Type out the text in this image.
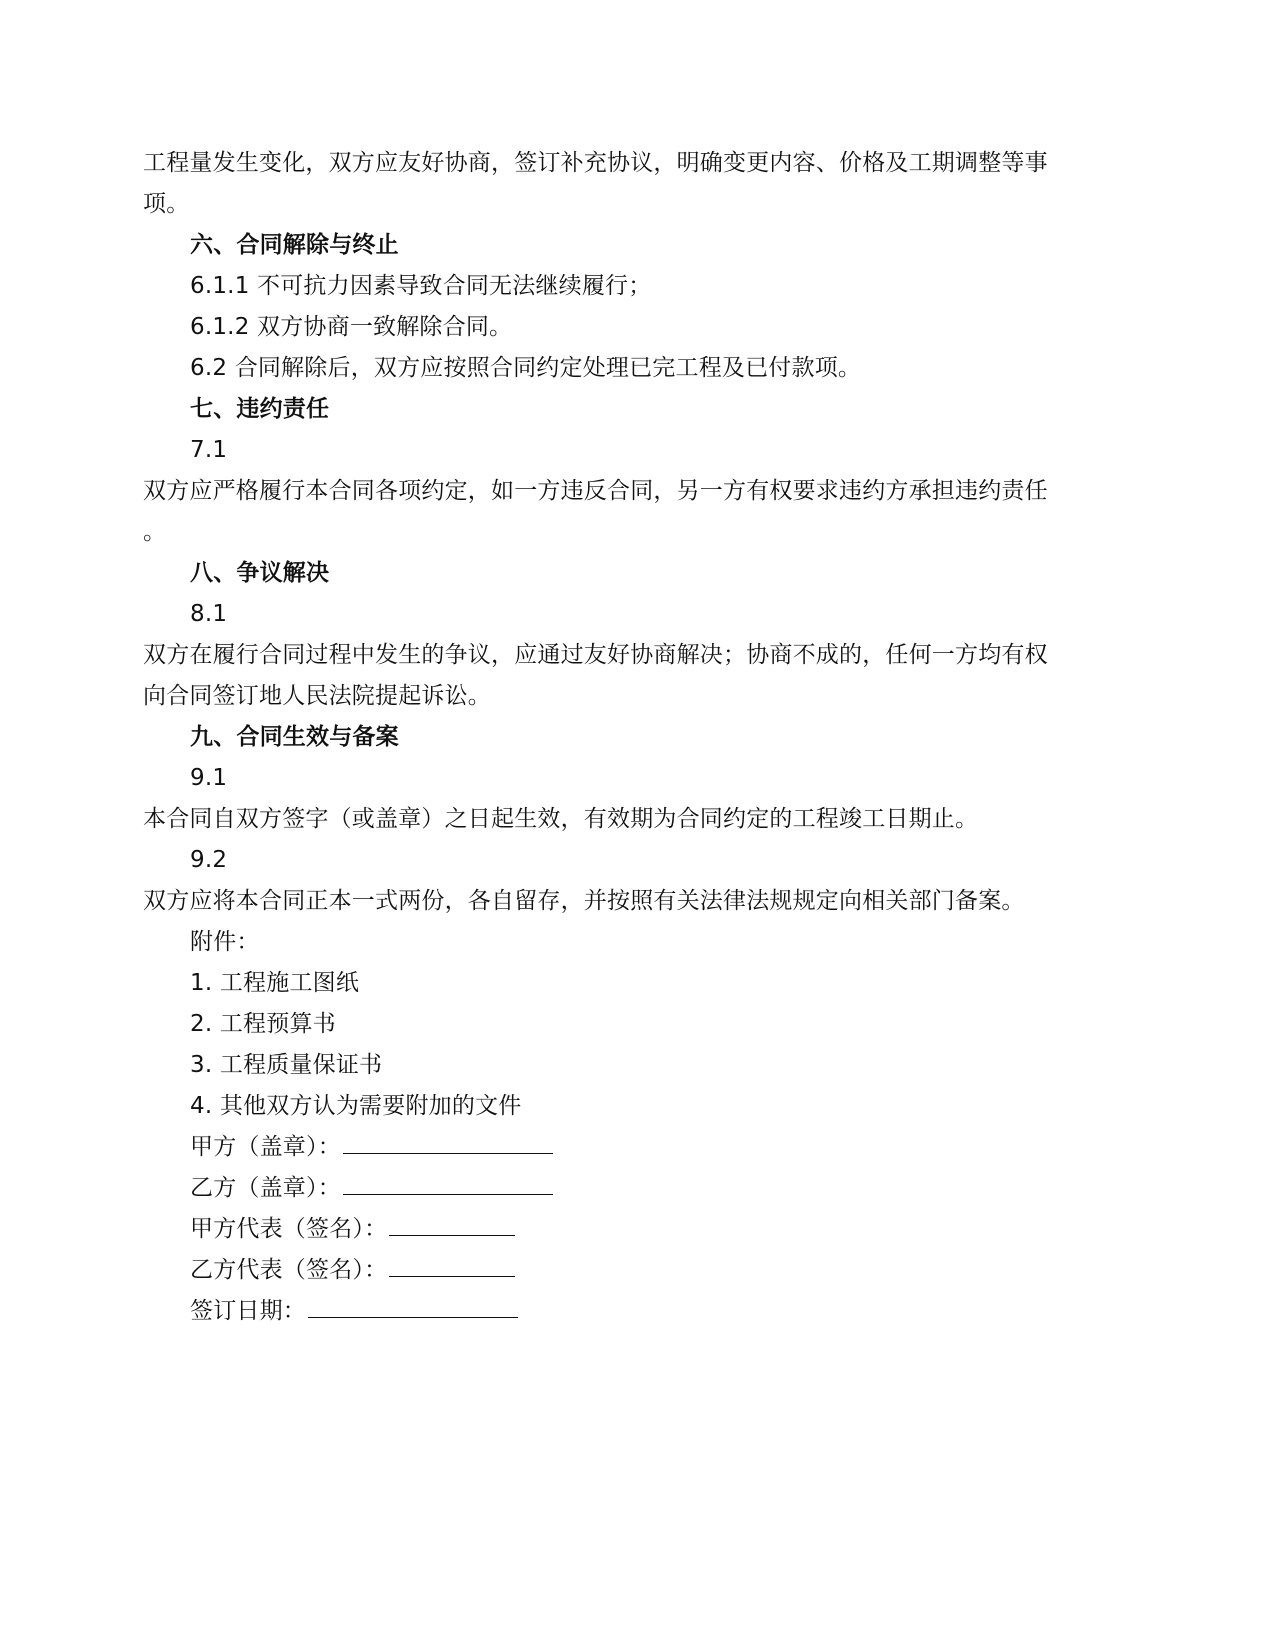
工程量发生变化，双方应友好协商，签订补充协议，明确变更内容、价格及工期调整等事
项。
六、合同解除与终止
6.1.1 不可抗力因素导致合同无法继续履行；
6.1.2 双方协商一致解除合同。
6.2 合同解除后，双方应按照合同约定处理已完工程及已付款项。
七、违约责任
7.1
双方应严格履行本合同各项约定，如一方违反合同，另一方有权要求违约方承担违约责任
。
八、争议解决
8.1
双方在履行合同过程中发生的争议，应通过友好协商解决；协商不成的，任何一方均有权
向合同签订地人民法院提起诉讼。
九、合同生效与备案
9.1
本合同自双方签字（或盖章）之日起生效，有效期为合同约定的工程竣工日期止。
9.2
双方应将本合同正本一式两份，各自留存，并按照有关法律法规规定向相关部门备案。
附件：
1. 工程施工图纸
2. 工程预算书
3. 工程质量保证书
4. 其他双方认为需要附加的文件
甲方（盖章）：
乙方（盖章）：
甲方代表（签名）：
乙方代表（签名）：
签订日期：
